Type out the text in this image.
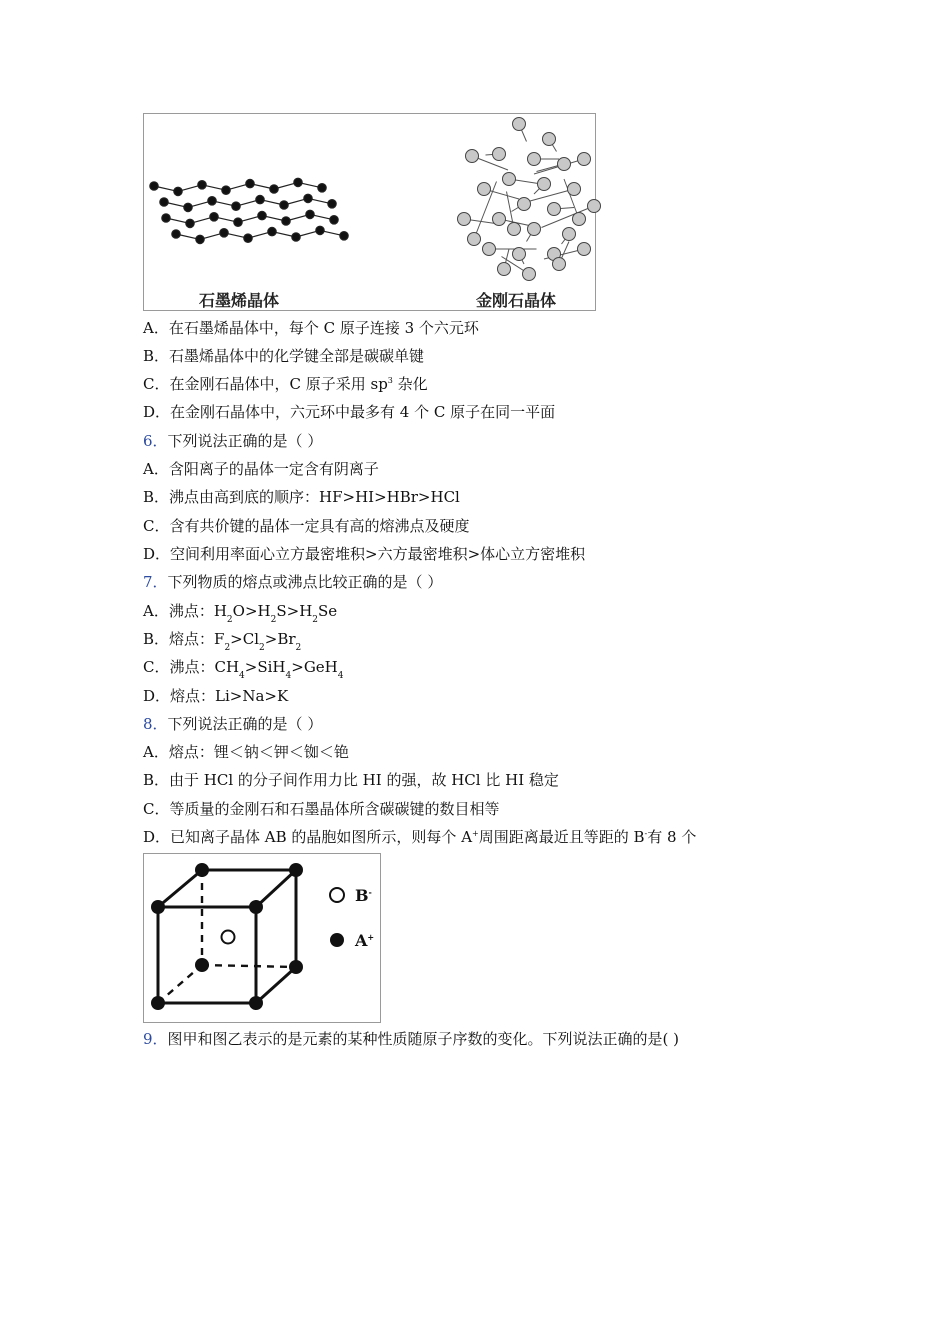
石墨烯晶体	金刚石晶体
A．在石墨烯晶体中，每个 C 原子连接 3 个六元环
B．石墨烯晶体中的化学键全部是碳碳单键
C．在金刚石晶体中，C 原子采用 $sp^3$ 杂化
D．在金刚石晶体中，六元环中最多有 4 个 C 原子在同一平面
6．下列说法正确的是（ ）
A．含阳离子的晶体一定含有阴离子
B．沸点由高到底的顺序：HF>HI>HBr>HCl
C．含有共价键的晶体一定具有高的熔沸点及硬度
D．空间利用率面心立方最密堆积>六方最密堆积>体心立方密堆积
7．下列物质的熔点或沸点比较正确的是（ ）
A．沸点：$H_2O>H_2S>H_2Se$
B．熔点：$F_2>Cl_2>Br_2$
C．沸点：$CH_4>SiH_4>GeH_4$
D．熔点：Li>Na>K
8．下列说法正确的是（ ）
A．熔点：锂＜钠＜钾＜铷＜铯
B．由于 HCl 的分子间作用力比 HI 的强，故 HCl 比 HI 稳定
C．等质量的金刚石和石墨晶体所含碳碳键的数目相等
D．已知离子晶体 AB 的晶胞如图所示，则每个 A+周围距离最近且等距的 B-有 8 个
B-
A+
9．图甲和图乙表示的是元素的某种性质随原子序数的变化。下列说法正确的是( )
